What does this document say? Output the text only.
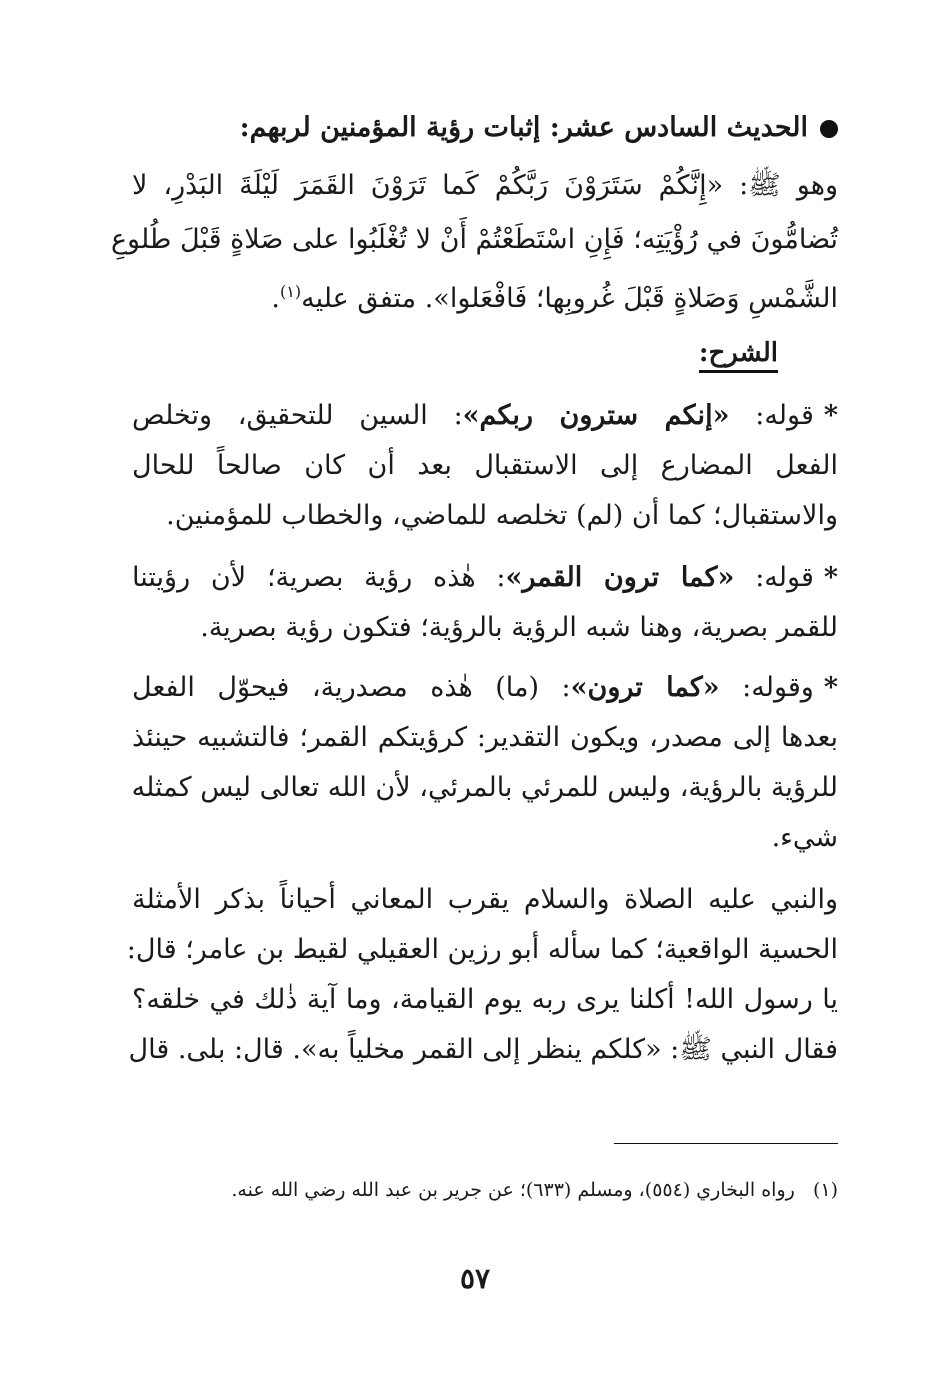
الحديث السادس عشر: إثبات رؤية المؤمنين لربهم:
وهو ﷺ: «إِنَّكُمْ سَتَرَوْنَ رَبَّكُمْ كَما تَرَوْنَ القَمَرَ لَيْلَةَ البَدْرِ، لا
تُضامُّونَ في رُؤْيَتِه؛ فَإِنِ اسْتَطَعْتُمْ أَنْ لا تُغْلَبُوا على صَلاةٍ قَبْلَ طُلوعِ
الشَّمْسِ وَصَلاةٍ قَبْلَ غُروبِها؛ فَافْعَلوا». متفق عليه$^{(١)}$.
الشرح:
*قوله: «إنكم سترون ربكم»: السين للتحقيق، وتخلص
الفعل المضارع إلى الاستقبال بعد أن كان صالحاً للحال
والاستقبال؛ كما أن (لم) تخلصه للماضي، والخطاب للمؤمنين.
*قوله: «كما ترون القمر»: هٰذه رؤية بصرية؛ لأن رؤيتنا
للقمر بصرية، وهنا شبه الرؤية بالرؤية؛ فتكون رؤية بصرية.
*وقوله: «كما ترون»: (ما) هٰذه مصدرية، فيحوّل الفعل
بعدها إلى مصدر، ويكون التقدير: كرؤيتكم القمر؛ فالتشبيه حينئذ
للرؤية بالرؤية، وليس للمرئي بالمرئي، لأن الله تعالى ليس كمثله
شيء.
والنبي عليه الصلاة والسلام يقرب المعاني أحياناً بذكر الأمثلة
الحسية الواقعية؛ كما سأله أبو رزين العقيلي لقيط بن عامر؛ قال:
يا رسول الله! أكلنا يرى ربه يوم القيامة، وما آية ذٰلك في خلقه؟
فقال النبي ﷺ: «كلكم ينظر إلى القمر مخلياً به». قال: بلى. قال
(١)   رواه البخاري (٥٥٤)، ومسلم (٦٣٣)؛ عن جرير بن عبد الله رضي الله عنه.
٥٧
